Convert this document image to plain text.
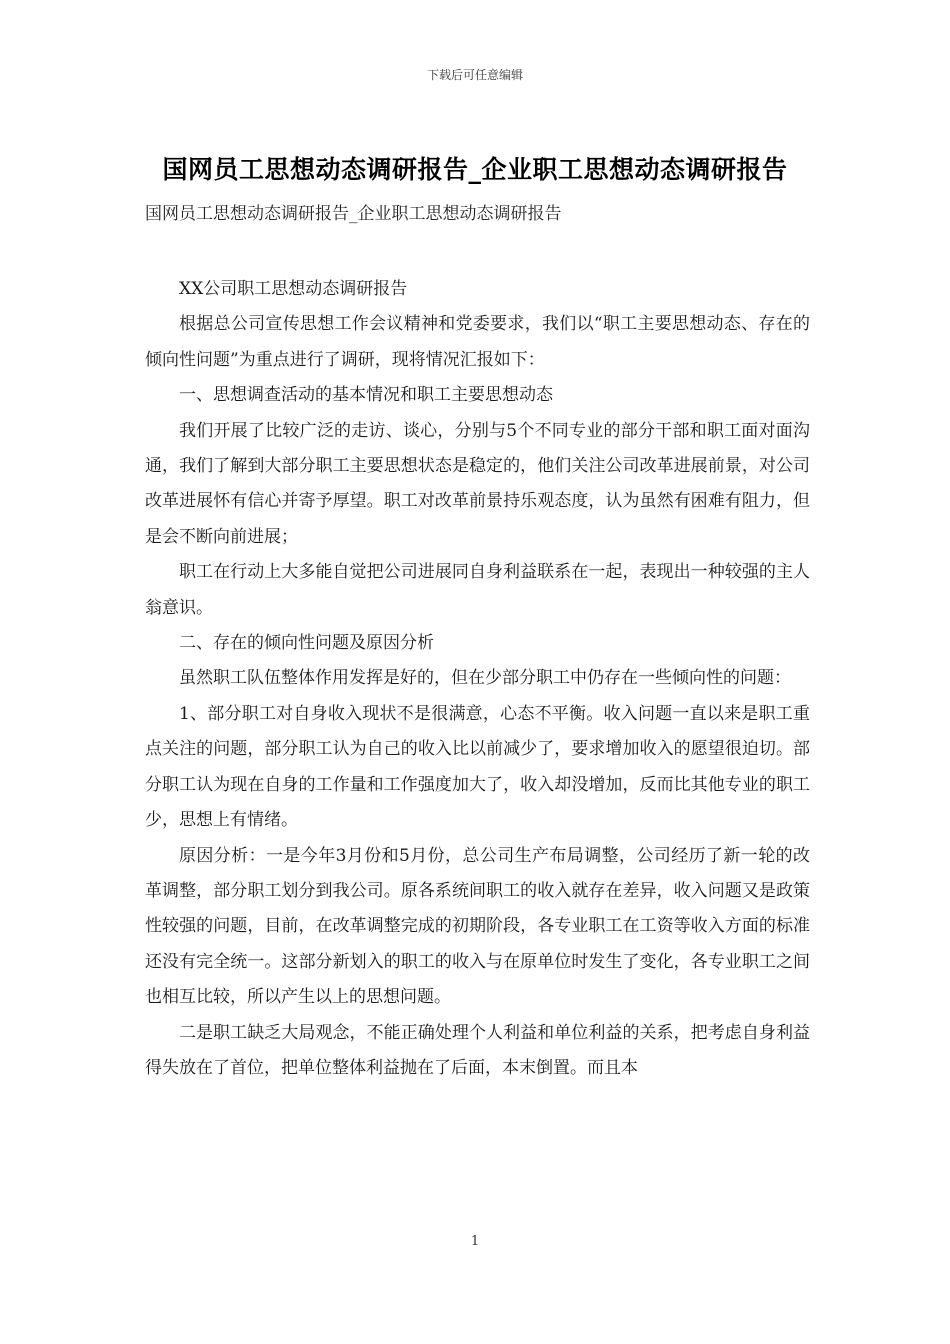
下载后可任意编辑
国网员工思想动态调研报告_企业职工思想动态调研报告
国网员工思想动态调研报告_企业职工思想动态调研报告

XX公司职工思想动态调研报告

根据总公司宣传思想工作会议精神和党委要求，我们以“职工主要思想动态、存在的倾向性问题”为重点进行了调研，现将情况汇报如下：

一、思想调查活动的基本情况和职工主要思想动态

我们开展了比较广泛的走访、谈心，分别与5个不同专业的部分干部和职工面对面沟通，我们了解到大部分职工主要思想状态是稳定的，他们关注公司改革进展前景，对公司改革进展怀有信心并寄予厚望。职工对改革前景持乐观态度，认为虽然有困难有阻力，但是会不断向前进展；

职工在行动上大多能自觉把公司进展同自身利益联系在一起，表现出一种较强的主人翁意识。

二、存在的倾向性问题及原因分析

虽然职工队伍整体作用发挥是好的，但在少部分职工中仍存在一些倾向性的问题：

1、部分职工对自身收入现状不是很满意，心态不平衡。收入问题一直以来是职工重点关注的问题，部分职工认为自己的收入比以前减少了，要求增加收入的愿望很迫切。部分职工认为现在自身的工作量和工作强度加大了，收入却没增加，反而比其他专业的职工少，思想上有情绪。

原因分析：一是今年3月份和5月份，总公司生产布局调整，公司经历了新一轮的改革调整，部分职工划分到我公司。原各系统间职工的收入就存在差异，收入问题又是政策性较强的问题，目前，在改革调整完成的初期阶段，各专业职工在工资等收入方面的标准还没有完全统一。这部分新划入的职工的收入与在原单位时发生了变化，各专业职工之间也相互比较，所以产生以上的思想问题。

二是职工缺乏大局观念，不能正确处理个人利益和单位利益的关系，把考虑自身利益得失放在了首位，把单位整体利益抛在了后面，本末倒置。而且本

1
